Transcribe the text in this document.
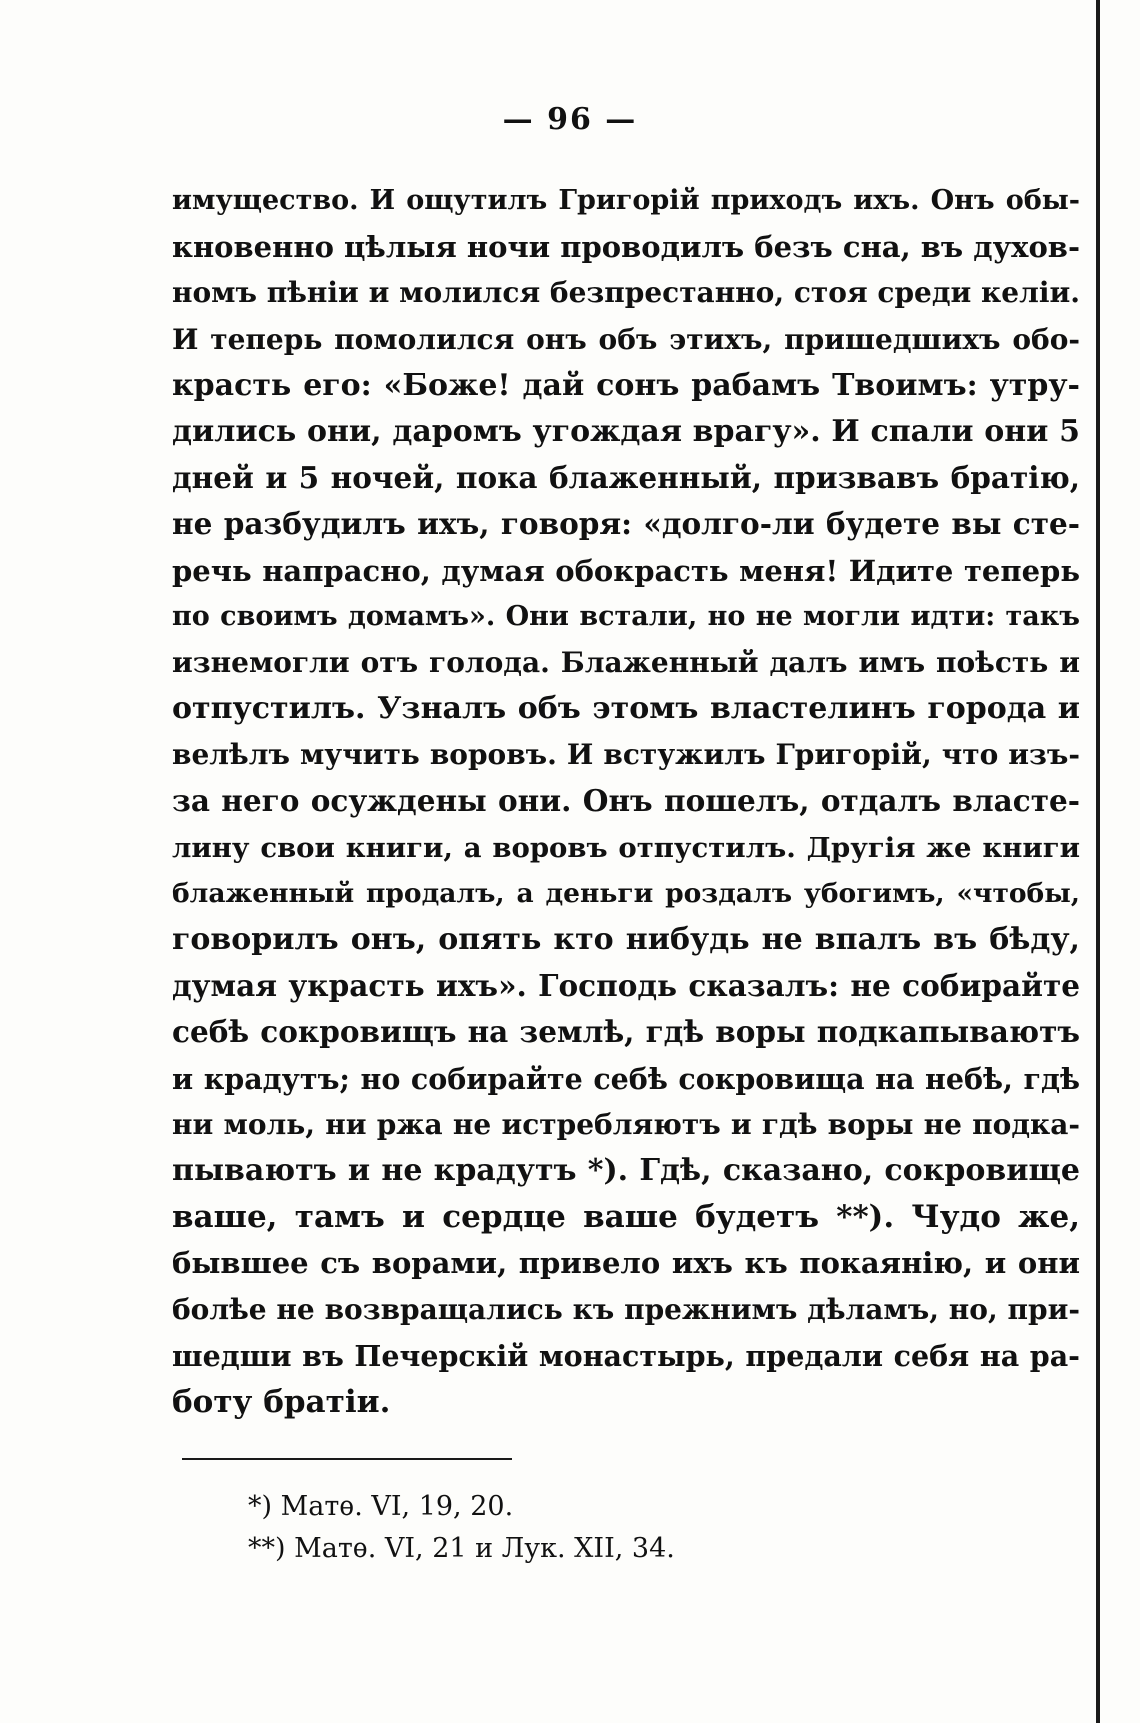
— 96 —
имущество. И ощутилъ Григорій приходъ ихъ. Онъ обы-
кновенно цѣлыя ночи проводилъ безъ сна, въ духов-
номъ пѣніи и молился безпрестанно, стоя среди келіи.
И теперь помолился онъ объ этихъ, пришедшихъ обо-
красть его: «Боже! дай сонъ рабамъ Твоимъ: утру-
дились они, даромъ угождая врагу». И спали они 5
дней и 5 ночей, пока блаженный, призвавъ братію,
не разбудилъ ихъ, говоря: «долго-ли будете вы сте-
речь напрасно, думая обокрасть меня! Идите теперь
по своимъ домамъ». Они встали, но не могли идти: такъ
изнемогли отъ голода. Блаженный далъ имъ поѣсть и
отпустилъ. Узналъ объ этомъ властелинъ города и
велѣлъ мучить воровъ. И встужилъ Григорій, что изъ-
за него осуждены они. Онъ пошелъ, отдалъ власте-
лину свои книги, а воровъ отпустилъ. Другія же книги
блаженный продалъ, а деньги роздалъ убогимъ, «чтобы,
говорилъ онъ, опять кто нибудь не впалъ въ бѣду,
думая украсть ихъ». Господь сказалъ: не собирайте
себѣ сокровищъ на землѣ, гдѣ воры подкапываютъ
и крадутъ; но собирайте себѣ сокровища на небѣ, гдѣ
ни моль, ни ржа не истребляютъ и гдѣ воры не подка-
пываютъ и не крадутъ *). Гдѣ, сказано, сокровище
ваше, тамъ и сердце ваше будетъ **). Чудо же,
бывшее съ ворами, привело ихъ къ покаянію, и они
болѣе не возвращались къ прежнимъ дѣламъ, но, при-
шедши въ Печерскій монастырь, предали себя на ра-
боту братіи.
*) Матѳ. VI, 19, 20.
**) Матѳ. VI, 21 и Лук. XII, 34.
